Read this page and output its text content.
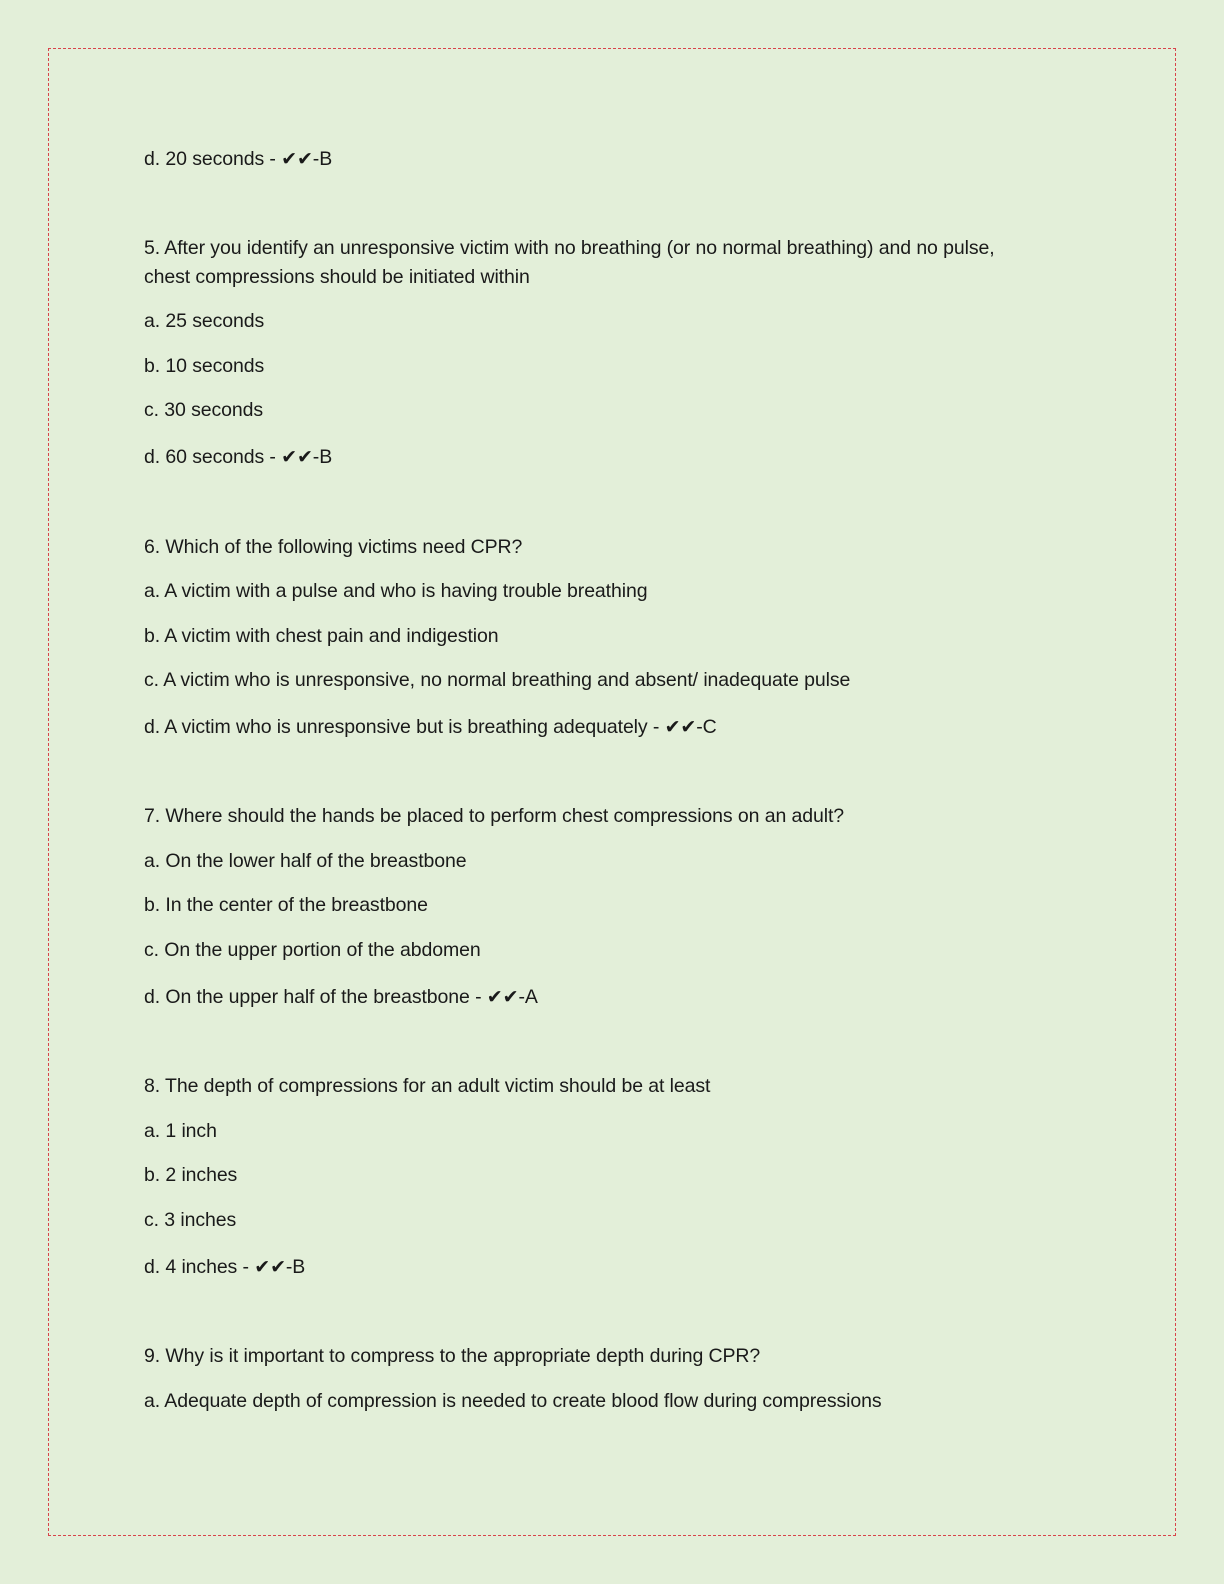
d. 20 seconds - ✔✔-B
5. After you identify an unresponsive victim with no breathing (or no normal breathing) and no pulse,
chest compressions should be initiated within
a. 25 seconds
b. 10 seconds
c. 30 seconds
d. 60 seconds - ✔✔-B
6. Which of the following victims need CPR?
a. A victim with a pulse and who is having trouble breathing
b. A victim with chest pain and indigestion
c. A victim who is unresponsive, no normal breathing and absent/ inadequate pulse
d. A victim who is unresponsive but is breathing adequately - ✔✔-C
7. Where should the hands be placed to perform chest compressions on an adult?
a. On the lower half of the breastbone
b. In the center of the breastbone
c. On the upper portion of the abdomen
d. On the upper half of the breastbone - ✔✔-A
8. The depth of compressions for an adult victim should be at least
a. 1 inch
b. 2 inches
c. 3 inches
d. 4 inches - ✔✔-B
9. Why is it important to compress to the appropriate depth during CPR?
a. Adequate depth of compression is needed to create blood flow during compressions
